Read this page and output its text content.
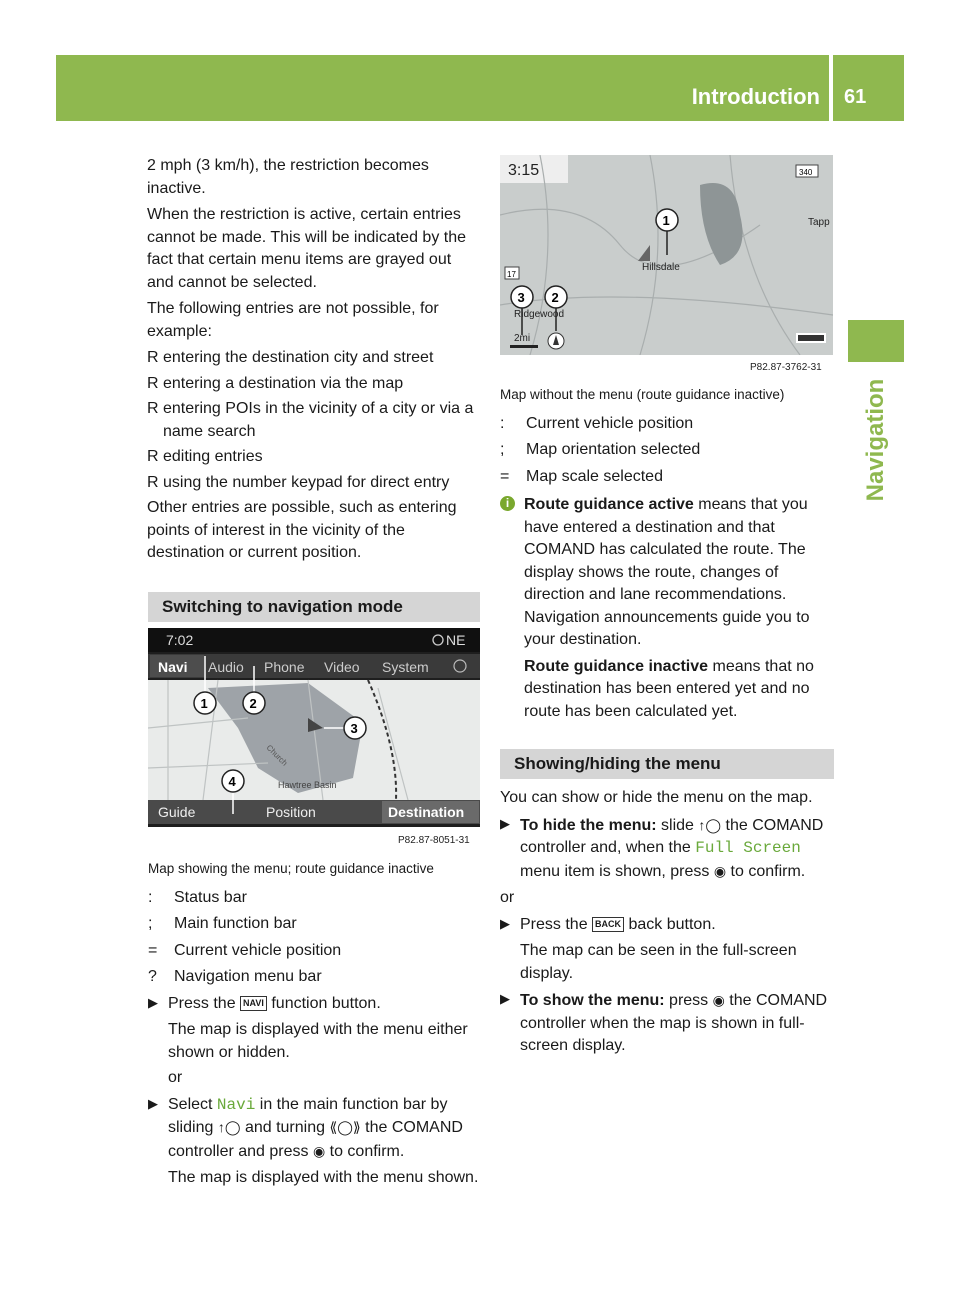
Introduction 61
Navigation

2 mph (3 km/h), the restriction becomes inactive.

When the restriction is active, certain entries cannot be made. This will be indicated by the fact that certain menu items are grayed out and cannot be selected.

The following entries are not possible, for example:

R entering the destination city and street
R entering a destination via the map
R entering POIs in the vicinity of a city or via a name search
R editing entries
R using the number keypad for direct entry

Other entries are possible, such as entering points of interest in the vicinity of the destination or current position.

Switching to navigation mode
7:02	NE
Navi Audio Phone Video System
Hawtree Basin
Church
Guide	Position	Destination
P82.87-8051-31
1	2
3
4
Map showing the menu; route guidance inactive
: Status bar
; Main function bar
= Current vehicle position
? Navigation menu bar
▶ Press the NAVI function button.
The map is displayed with the menu either shown or hidden.
or
▶ Select Navi in the main function bar by sliding ↑◯ and turning ⟪◯⟫ the COMAND controller and press ◉ to confirm.
The map is displayed with the menu shown.
3:15	340
17
Hillsdale
Ridgewood
Tapp
2mi
P82.87-3762-31
1
2
3
Map without the menu (route guidance inactive)
: Current vehicle position
; Map orientation selected
= Map scale selected
i Route guidance active means that you have entered a destination and that COMAND has calculated the route. The display shows the route, changes of direction and lane recommendations. Navigation announcements guide you to your destination.

Route guidance inactive means that no destination has been entered yet and no route has been calculated yet.

Showing/hiding the menu

You can show or hide the menu on the map.

▶ To hide the menu: slide ↑◯ the COMAND controller and, when the Full Screen menu item is shown, press ◉ to confirm.

or

▶ Press the BACK back button.
The map can be seen in the full-screen display.
▶ To show the menu: press ◉ the COMAND controller when the map is shown in full-screen display.
